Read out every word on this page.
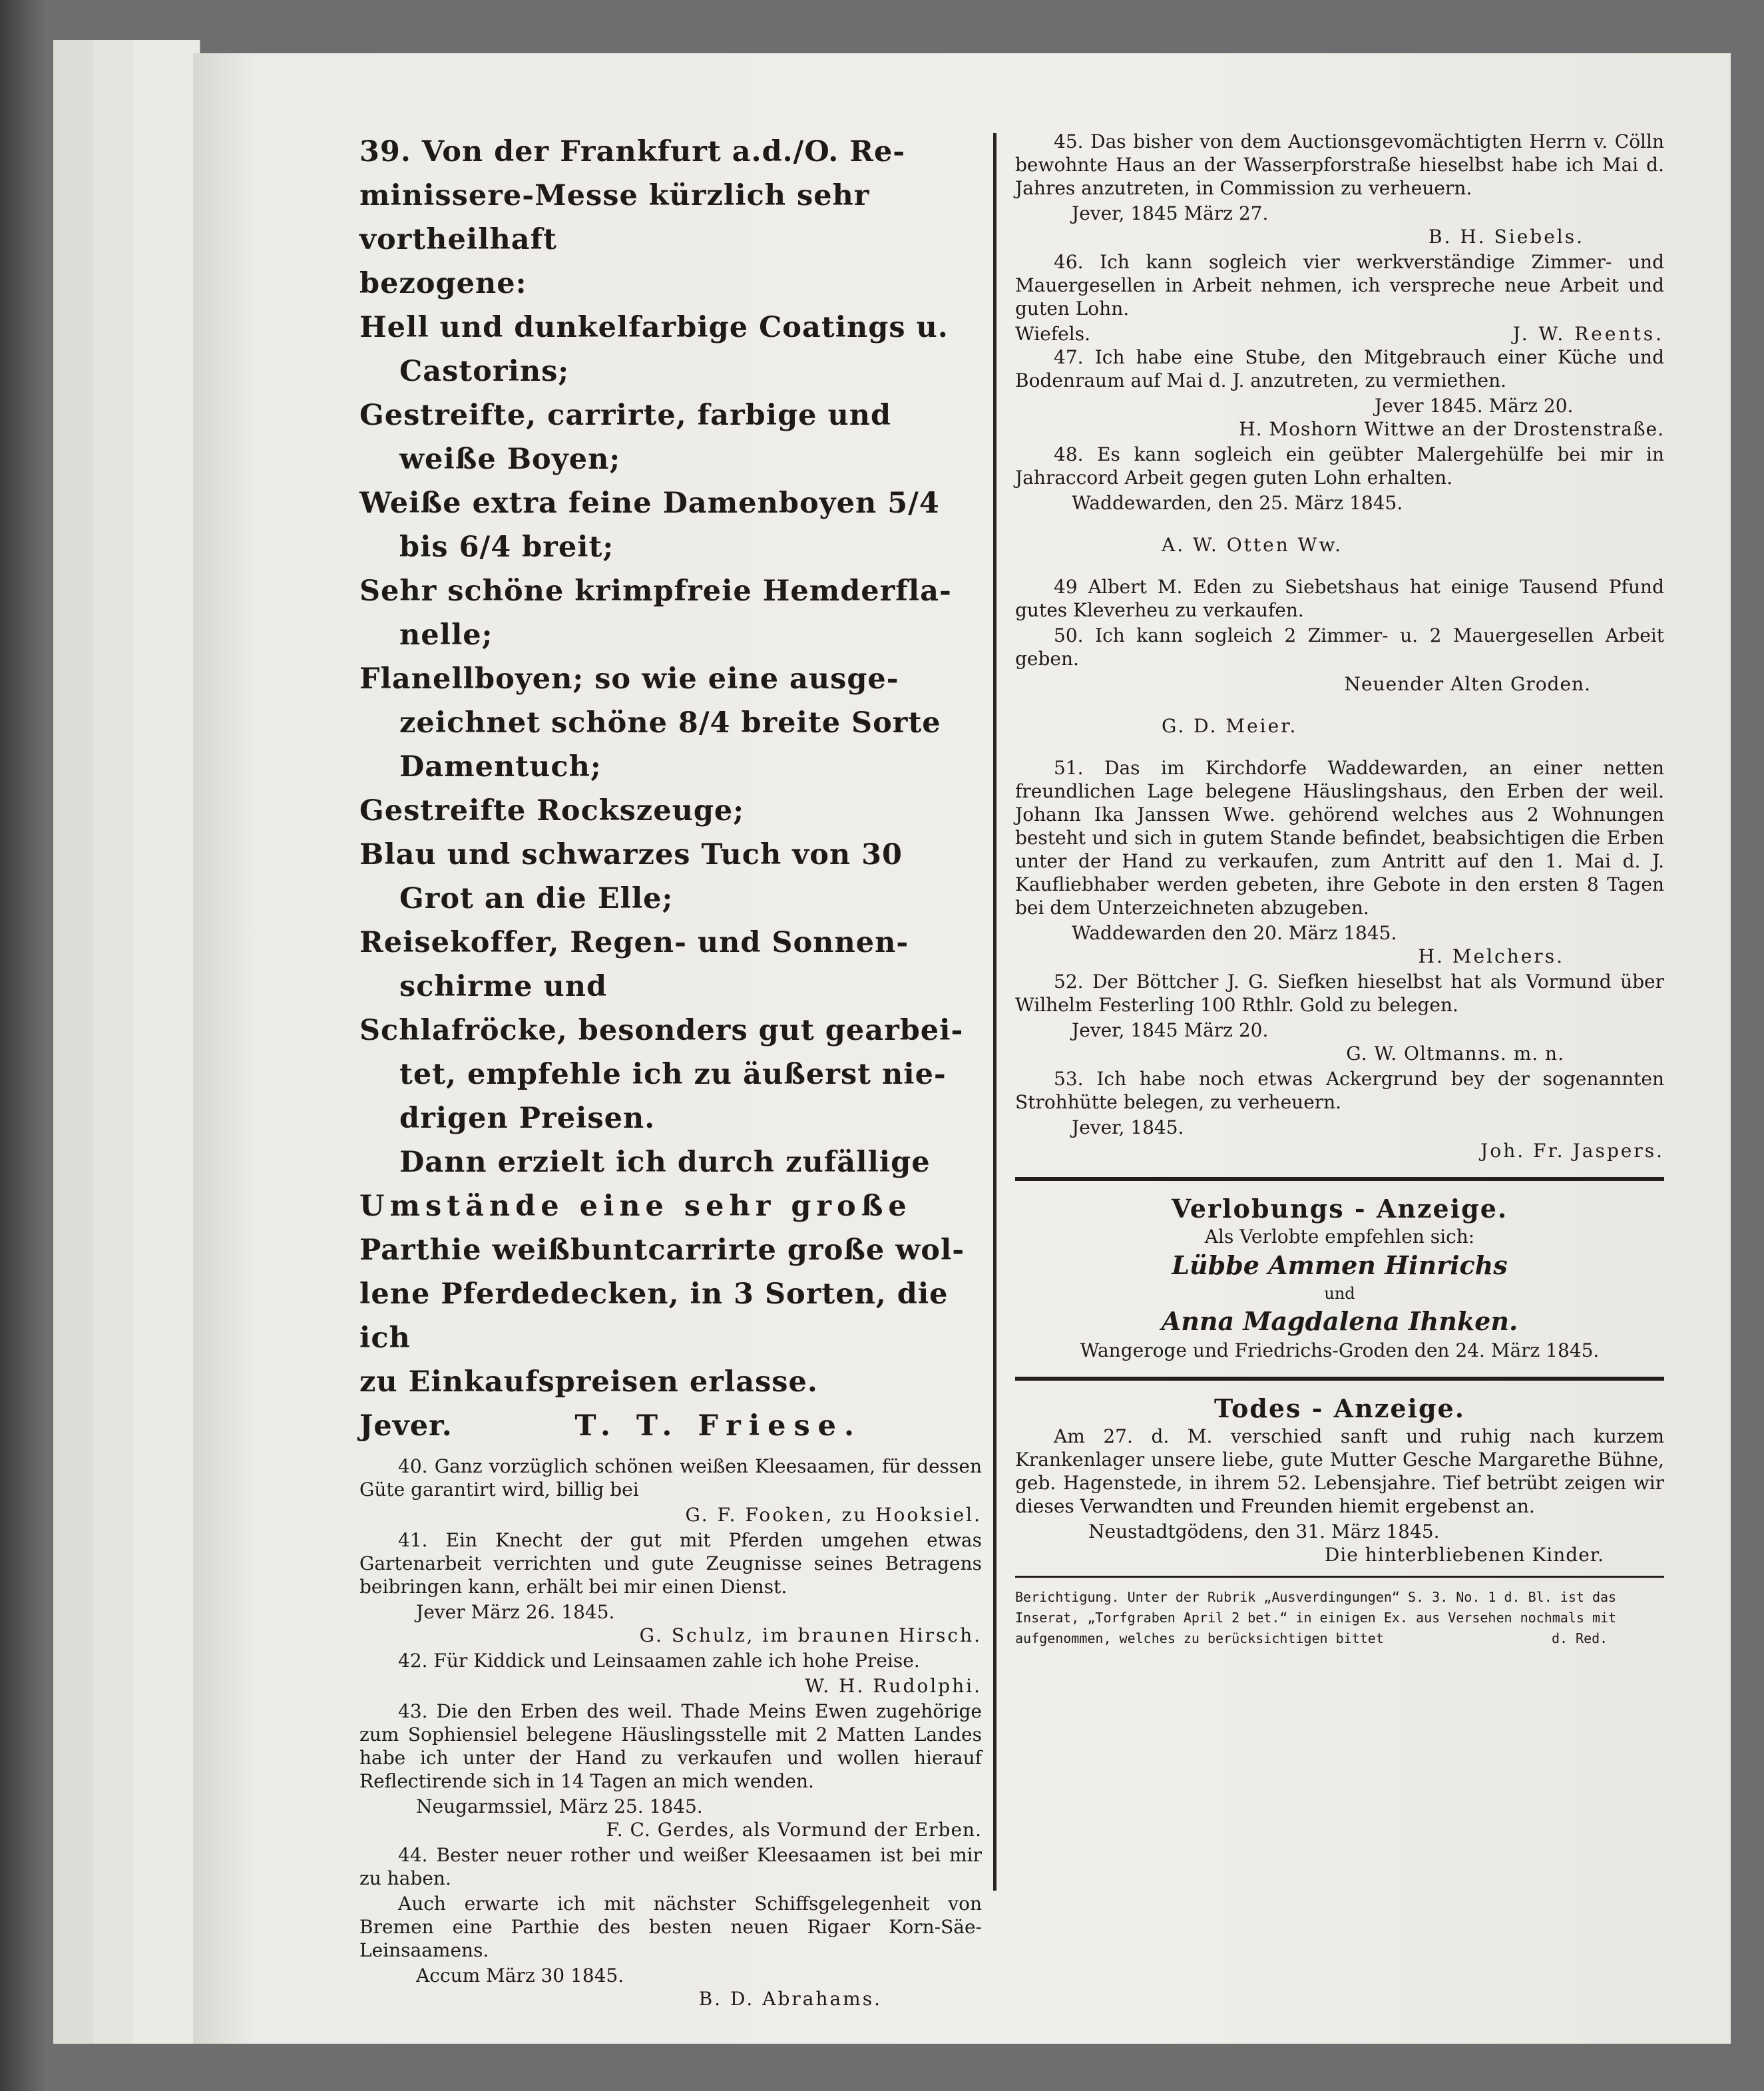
39. Von der Frankfurt a.d./O. Re-
minissere-Messe kürzlich sehr vortheilhaft
bezogene:
Hell und dunkelfarbige Coatings u.
Castorins;
Gestreifte, carrirte, farbige und
weiße Boyen;
Weiße extra feine Damenboyen 5/4
bis 6/4 breit;
Sehr schöne krimpfreie Hemderfla-
nelle;
Flanellboyen; so wie eine ausge-
zeichnet schöne 8/4 breite Sorte
Damentuch;
Gestreifte Rockszeuge;
Blau und schwarzes Tuch von 30
Grot an die Elle;
Reisekoffer, Regen- und Sonnen-
schirme und
Schlafröcke, besonders gut gearbei-
tet, empfehle ich zu äußerst nie-
drigen Preisen.
Dann erzielt ich durch zufällige
Umstände eine sehr große
Parthie weißbuntcarrirte große wol-
lene Pferdedecken, in 3 Sorten, die ich
zu Einkaufspreisen erlasse.
Jever.	T. T. Friese.

40. Ganz vorzüglich schönen weißen Kleesaamen, für dessen Güte garantirt wird, billig bei

G. F. Fooken, zu Hooksiel.

41. Ein Knecht der gut mit Pferden umgehen etwas Gartenarbeit verrichten und gute Zeugnisse seines Betragens beibringen kann, erhält bei mir einen Dienst.

Jever März 26. 1845.

G. Schulz, im braunen Hirsch.

42. Für Kiddick und Leinsaamen zahle ich hohe Preise.

W. H. Rudolphi.

43. Die den Erben des weil. Thade Meins Ewen zugehörige zum Sophiensiel belegene Häuslingsstelle mit 2 Matten Landes habe ich unter der Hand zu verkaufen und wollen hierauf Reflectirende sich in 14 Tagen an mich wenden.

Neugarmssiel, März 25. 1845.

F. C. Gerdes, als Vormund der Erben.

44. Bester neuer rother und weißer Kleesaamen ist bei mir zu haben.

Auch erwarte ich mit nächster Schiffsgelegenheit von Bremen eine Parthie des besten neuen Rigaer Korn-Säe-Leinsaamens.

Accum März 30 1845.

B. D. Abrahams.

45. Das bisher von dem Auctionsgevomächtigten Herrn v. Cölln bewohnte Haus an der Wasserpforstraße hieselbst habe ich Mai d. Jahres anzutreten, in Commission zu verheuern.

Jever, 1845 März 27.

B. H. Siebels.

46. Ich kann sogleich vier werkverständige Zimmer- und Mauergesellen in Arbeit nehmen, ich verspreche neue Arbeit und guten Lohn.

Wiefels.	J. W. Reents.

47. Ich habe eine Stube, den Mitgebrauch einer Küche und Bodenraum auf Mai d. J. anzutreten, zu vermiethen.

Jever 1845. März 20.

H. Moshorn Wittwe an der Drostenstraße.

48. Es kann sogleich ein geübter Malergehülfe bei mir in Jahraccord Arbeit gegen guten Lohn erhalten.

Waddewarden, den 25. März 1845.

A. W. Otten Ww.

49 Albert M. Eden zu Siebetshaus hat einige Tausend Pfund gutes Kleverheu zu verkaufen.

50. Ich kann sogleich 2 Zimmer- u. 2 Mauergesellen Arbeit geben.

Neuender Alten Groden.

G. D. Meier.

51. Das im Kirchdorfe Waddewarden, an einer netten freundlichen Lage belegene Häuslingshaus, den Erben der weil. Johann Ika Janssen Wwe. gehörend welches aus 2 Wohnungen besteht und sich in gutem Stande befindet, beabsichtigen die Erben unter der Hand zu verkaufen, zum Antritt auf den 1. Mai d. J. Kaufliebhaber werden gebeten, ihre Gebote in den ersten 8 Tagen bei dem Unterzeichneten abzugeben.

Waddewarden den 20. März 1845.

H. Melchers.

52. Der Böttcher J. G. Siefken hieselbst hat als Vormund über Wilhelm Festerling 100 Rthlr. Gold zu belegen.

Jever, 1845 März 20.

G. W. Oltmanns. m. n.

53. Ich habe noch etwas Ackergrund bey der sogenannten Strohhütte belegen, zu verheuern.

Jever, 1845.

Joh. Fr. Jaspers.

Verlobungs - Anzeige.
Als Verlobte empfehlen sich:
Lübbe Ammen Hinrichs
und
Anna Magdalena Ihnken.
Wangeroge und Friedrichs-Groden den 24. März 1845.
Todes - Anzeige.

Am 27. d. M. verschied sanft und ruhig nach kurzem Krankenlager unsere liebe, gute Mutter Gesche Margarethe Bühne, geb. Hagenstede, in ihrem 52. Lebensjahre. Tief betrübt zeigen wir dieses Verwandten und Freunden hiemit ergebenst an.

Neustadtgödens, den 31. März 1845.

Die hinterbliebenen Kinder.

Berichtigung. Unter der Rubrik „Ausverdingungen“ S. 3. No. 1 d. Bl. ist das Inserat, „Torfgraben April 2 bet.“ in einigen Ex. aus Versehen nochmals mit aufgenommen, welches zu berücksichtigen bittet	d. Red.
